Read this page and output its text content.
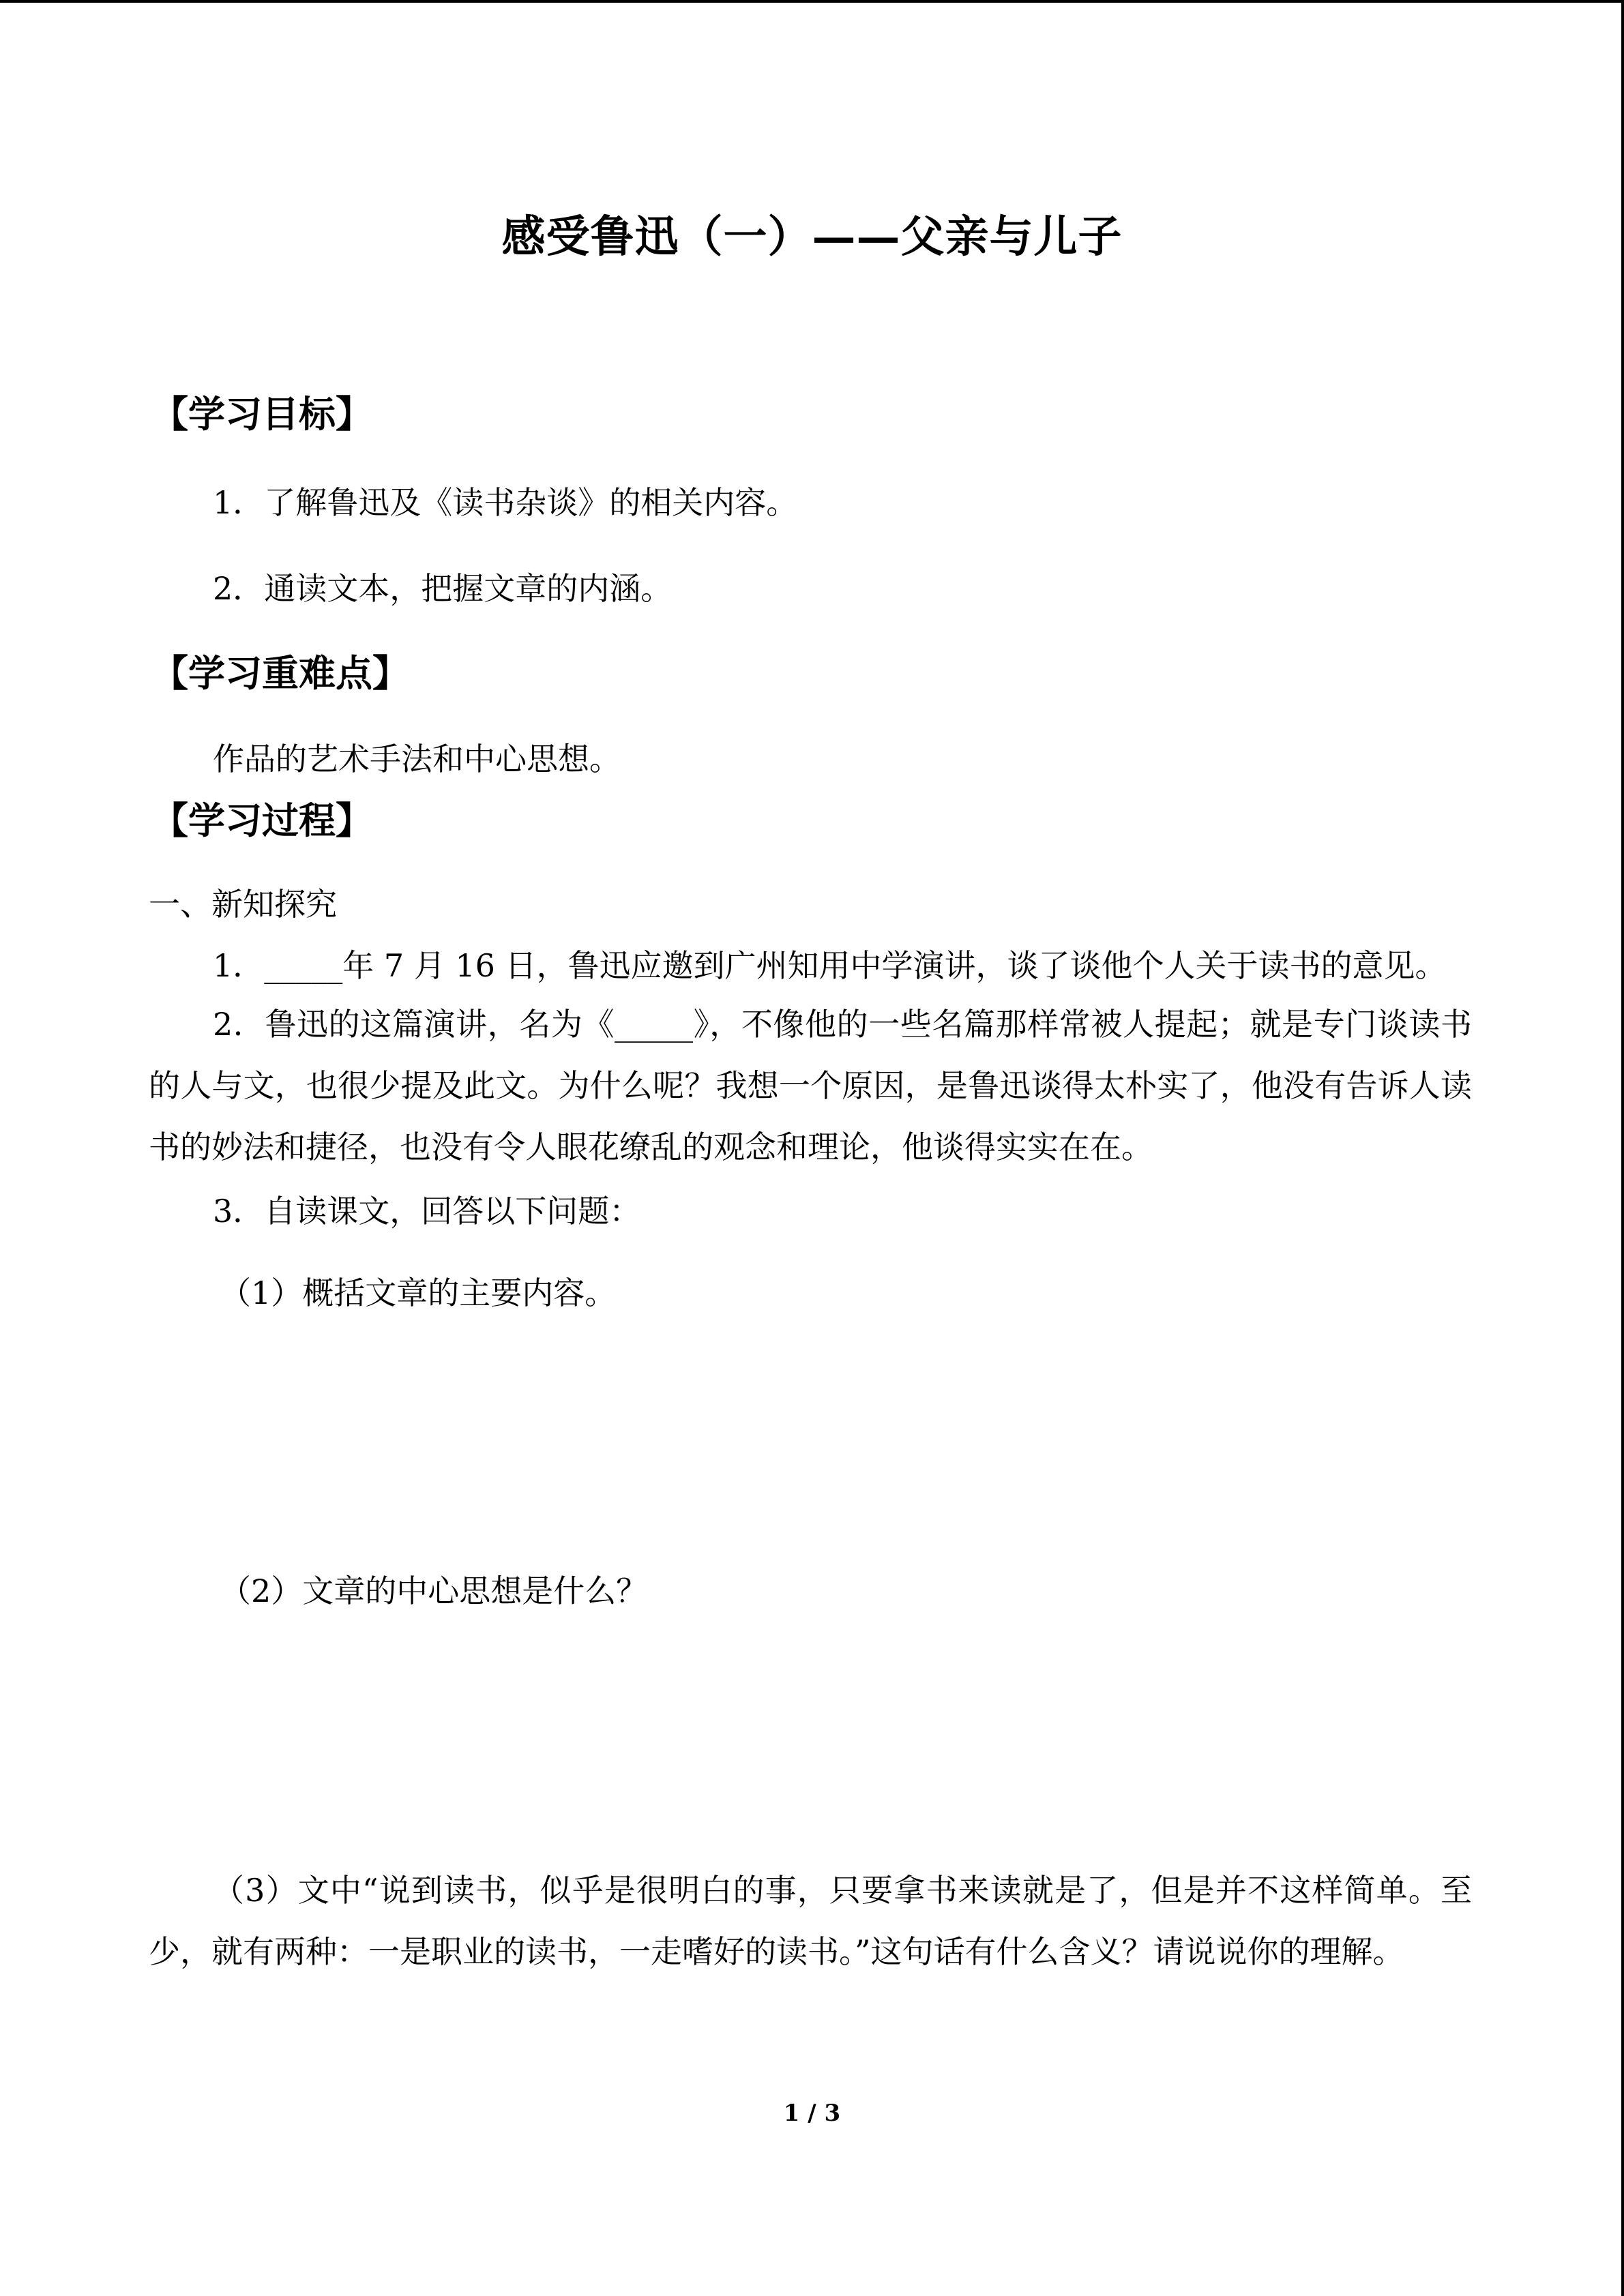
感受鲁迅（一）——父亲与儿子
【学习目标】
1．了解鲁迅及《读书杂谈》的相关内容。
2．通读文本，把握文章的内涵。
【学习重难点】
作品的艺术手法和中心思想。
【学习过程】
一、新知探究
1．_____年 7 月 16 日，鲁迅应邀到广州知用中学演讲，谈了谈他个人关于读书的意见。
2．鲁迅的这篇演讲，名为《_____》，不像他的一些名篇那样常被人提起；就是专门谈读书的人与文，也很少提及此文。为什么呢？我想一个原因，是鲁迅谈得太朴实了，他没有告诉人读书的妙法和捷径，也没有令人眼花缭乱的观念和理论，他谈得实实在在。
3．自读课文，回答以下问题：
（1）概括文章的主要内容。
（2）文章的中心思想是什么？
（3）文中“说到读书，似乎是很明白的事，只要拿书来读就是了，但是并不这样简单。至少，就有两种：一是职业的读书，一走嗜好的读书。”这句话有什么含义？请说说你的理解。
1 / 3
